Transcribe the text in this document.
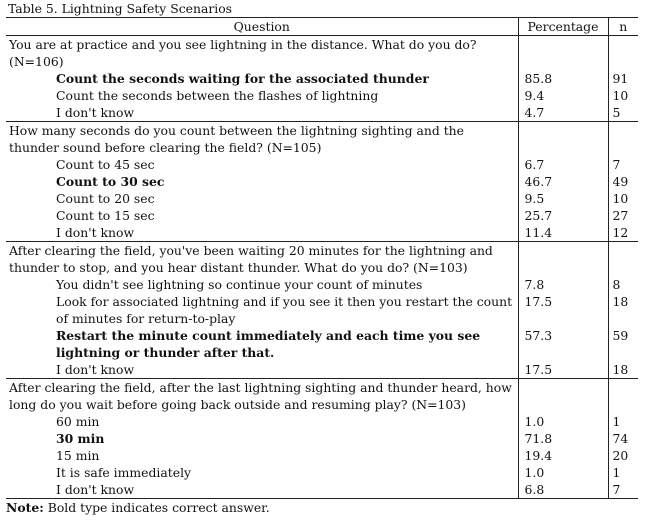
Table 5. Lightning Safety Scenarios
Question	Percentage	n
You are at practice and you see lightning in the distance. What do you do? (N=106)		
Count the seconds waiting for the associated thunder	85.8	91
Count the seconds between the flashes of lightning	9.4	10
I don't know	4.7	5
How many seconds do you count between the lightning sighting and the thunder sound before clearing the field? (N=105)		
Count to 45 sec	6.7	7
Count to 30 sec	46.7	49
Count to 20 sec	9.5	10
Count to 15 sec	25.7	27
I don't know	11.4	12
After clearing the field, you've been waiting 20 minutes for the lightning and thunder to stop, and you hear distant thunder. What do you do? (N=103)		
You didn't see lightning so continue your count of minutes	7.8	8
Look for associated lightning and if you see it then you restart the count of minutes for return-to-play	17.5	18
Restart the minute count immediately and each time you see lightning or thunder after that.	57.3	59
I don't know	17.5	18
After clearing the field, after the last lightning sighting and thunder heard, how long do you wait before going back outside and resuming play? (N=103)		
60 min	1.0	1
30 min	71.8	74
15 min	19.4	20
It is safe immediately	1.0	1
I don't know	6.8	7
Note: Bold type indicates correct answer.
